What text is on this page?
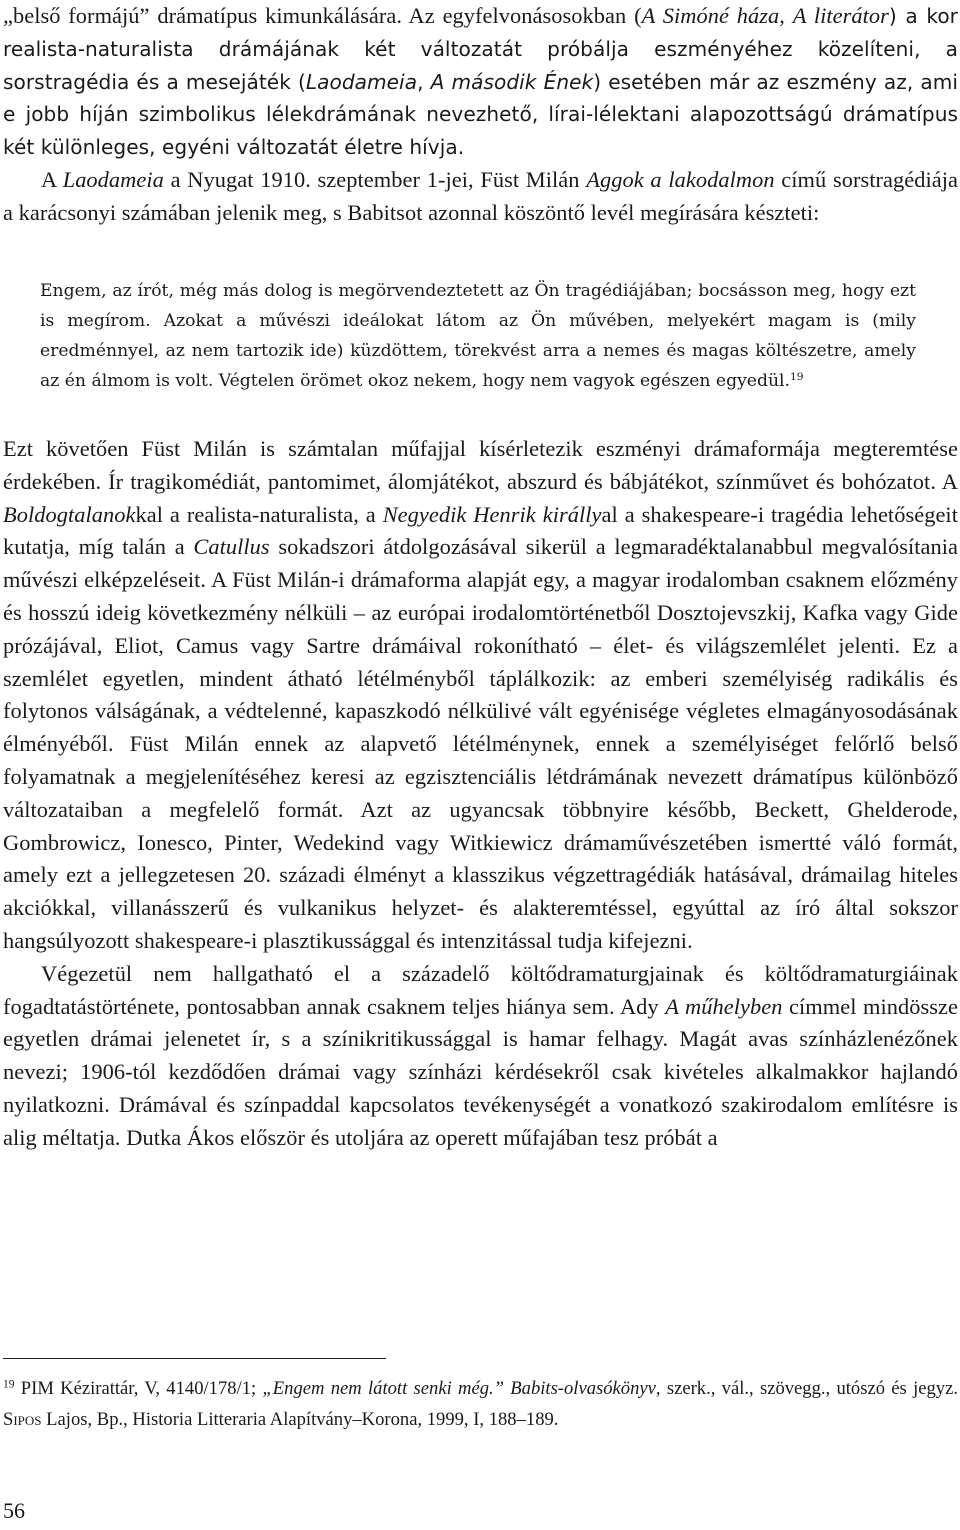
„belső formájú” drámatípus kimunkálására. Az egyfelvonásosokban (A Simóné háza, A literátor) a kor realista-naturalista drámájának két változatát próbálja eszményéhez közelíteni, a sorstragédia és a mesejáték (Laodameia, A második Ének) esetében már az eszmény az, ami e jobb híján szimbolikus lélekdrámának nevezhető, lírai-lélektani alapozottságú drámatípus két különleges, egyéni változatát életre hívja.

A Laodameia a Nyugat 1910. szeptember 1-jei, Füst Milán Aggok a lakodalmon című sorstragédiája a karácsonyi számában jelenik meg, s Babitsot azonnal köszöntő levél megírására készteti:

Engem, az írót, még más dolog is megörvendeztetett az Ön tragédiájában; bocsásson meg, hogy ezt is megírom. Azokat a művészi ideálokat látom az Ön művében, melyekért magam is (mily eredménnyel, az nem tartozik ide) küzdöttem, törekvést arra a nemes és magas költészetre, amely az én álmom is volt. Végtelen örömet okoz nekem, hogy nem vagyok egészen egyedül.$^{19}$

Ezt követően Füst Milán is számtalan műfajjal kísérletezik eszményi drámaformája megteremtése érdekében. Ír tragikomédiát, pantomimet, álomjátékot, abszurd és bábjátékot, színművet és bohózatot. A Boldogtalanokkal a realista-naturalista, a Negyedik Henrik királlyal a shakespeare-i tragédia lehetőségeit kutatja, míg talán a Catullus sokadszori átdolgozásával sikerül a legmaradéktalanabbul megvalósítania művészi elképzeléseit. A Füst Milán-i drámaforma alapját egy, a magyar irodalomban csaknem előzmény és hosszú ideig következmény nélküli – az európai irodalomtörténetből Dosztojevszkij, Kafka vagy Gide prózájával, Eliot, Camus vagy Sartre drámáival rokonítható – élet- és világszemlélet jelenti. Ez a szemlélet egyetlen, mindent átható létélményből táplálkozik: az emberi személyiség radikális és folytonos válságának, a védtelenné, kapaszkodó nélkülivé vált egyénisége végletes elmagányosodásának élményéből. Füst Milán ennek az alapvető létélménynek, ennek a személyiséget felőrlő belső folyamatnak a megjelenítéséhez keresi az egzisztenciális létdrámának nevezett drámatípus különböző változataiban a megfelelő formát. Azt az ugyancsak többnyire később, Beckett, Ghelderode, Gombrowicz, Ionesco, Pinter, Wedekind vagy Witkiewicz drámaművészetében ismertté váló formát, amely ezt a jellegzetesen 20. századi élményt a klasszikus végzettragédiák hatásával, drámailag hiteles akciókkal, villanásszerű és vulkanikus helyzet- és alakteremtéssel, egyúttal az író által sokszor hangsúlyozott shakespeare-i plasztikussággal és intenzitással tudja kifejezni.

Végezetül nem hallgatható el a századelő költődramaturgjainak és költődramaturgiáinak fogadtatástörténete, pontosabban annak csaknem teljes hiánya sem. Ady A műhelyben címmel mindössze egyetlen drámai jelenetet ír, s a színikritikussággal is hamar felhagy. Magát avas színházlenézőnek nevezi; 1906-tól kezdődően drámai vagy színházi kérdésekről csak kivételes alkalmakkor hajlandó nyilatkozni. Drámával és színpaddal kapcsolatos tevékenységét a vonatkozó szakirodalom említésre is alig méltatja. Dutka Ákos először és utoljára az operett műfajában tesz próbát a

$^{19}$ PIM Kézirattár, V, 4140/178/1; „Engem nem látott senki még.” Babits-olvasókönyv, szerk., vál., szövegg., utószó és jegyz. Sipos Lajos, Bp., Historia Litteraria Alapítvány–Korona, 1999, I, 188–189.
56
